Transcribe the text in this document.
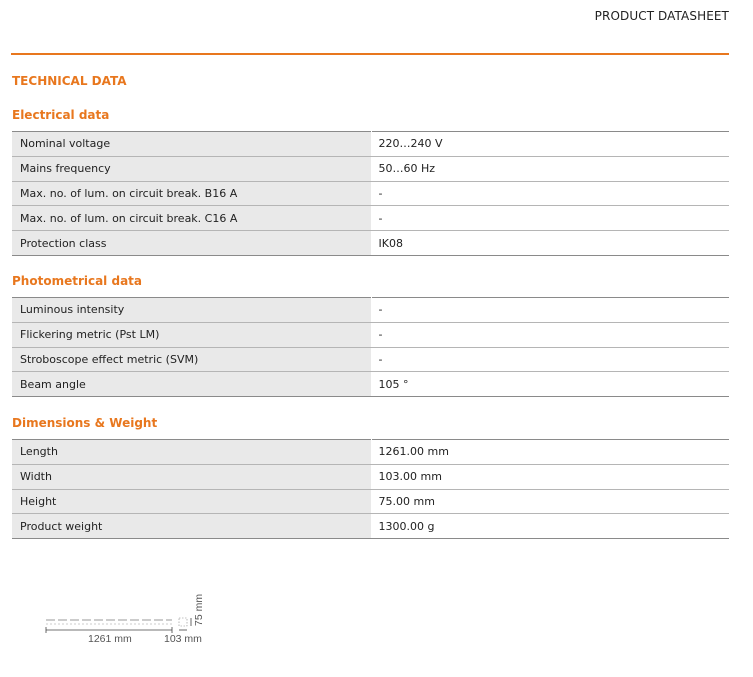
PRODUCT DATASHEET
TECHNICAL DATA
Electrical data
Nominal voltage	220…240 V
Mains frequency	50…60 Hz
Max. no. of lum. on circuit break. B16 A	-
Max. no. of lum. on circuit break. C16 A	-
Protection class	IK08
Photometrical data
Luminous intensity	-
Flickering metric (Pst LM)	-
Stroboscope effect metric (SVM)	-
Beam angle	105 °
Dimensions & Weight
Length	1261.00 mm
Width	103.00 mm
Height	75.00 mm
Product weight	1300.00 g
1261 mm	103 mm
75 mm
